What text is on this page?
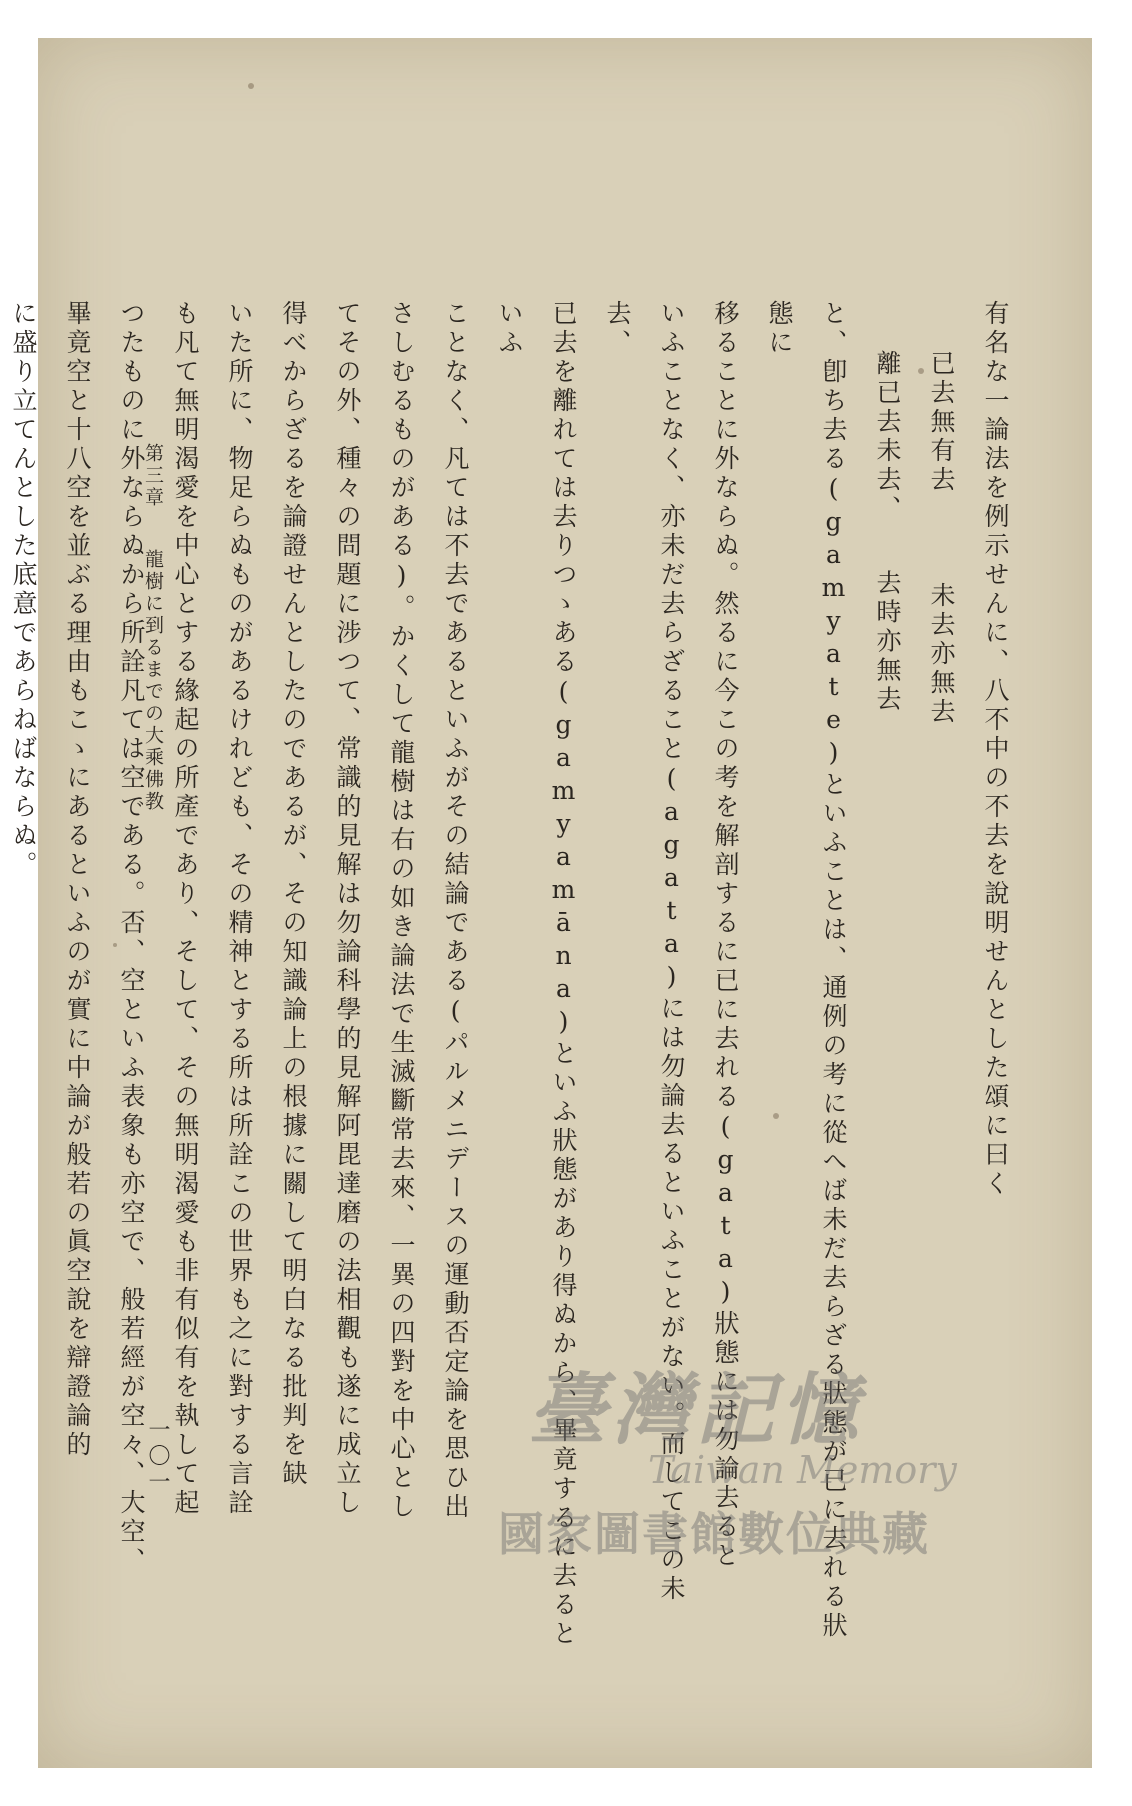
有名な一論法を例示せんに、八不中の不去を說明せんとした頌に曰く

已去無有去　　　未去亦無去

離已去未去、　　去時亦無去

と、卽ち去る(gamyate)といふことは、通例の考に從へば未だ去らざる狀態が已に去れる狀態に

移ることに外ならぬ。然るに今この考を解剖するに已に去れる(gata)狀態には勿論去ると

いふことなく、亦未だ去らざること(agata)には勿論去るといふことがない。而してこの未去、

已去を離れては去りつゝある(gamyamāna)といふ狀態があり得ぬから、畢竟するに去るといふ

ことなく、凡ては不去であるといふがその結論である(パルメニデースの運動否定論を思ひ出

さしむるものがある)。かくして龍樹は右の如き論法で生滅斷常去來、一異の四對を中心とし

てその外、種々の問題に涉つて、常識的見解は勿論科學的見解阿毘達磨の法相觀も遂に成立し

得べからざるを論證せんとしたのであるが、その知識論上の根據に關して明白なる批判を缺

いた所に、物足らぬものがあるけれども、その精神とする所は所詮この世界も之に對する言詮

も凡て無明渴愛を中心とする緣起の所產であり、そして、その無明渴愛も非有似有を執して起

つたものに外ならぬから所詮凡ては空である。否、空といふ表象も亦空で、般若經が空々、大空、

畢竟空と十八空を並ぶる理由もこゝにあるといふのが實に中論が般若の眞空說を辯證論的

に盛り立てんとした底意であらねばならぬ。	第三章龍樹に到るまでの大乘佛教
一〇一
臺灣記憶
Taiwan Memory
國家圖書館數位典藏
